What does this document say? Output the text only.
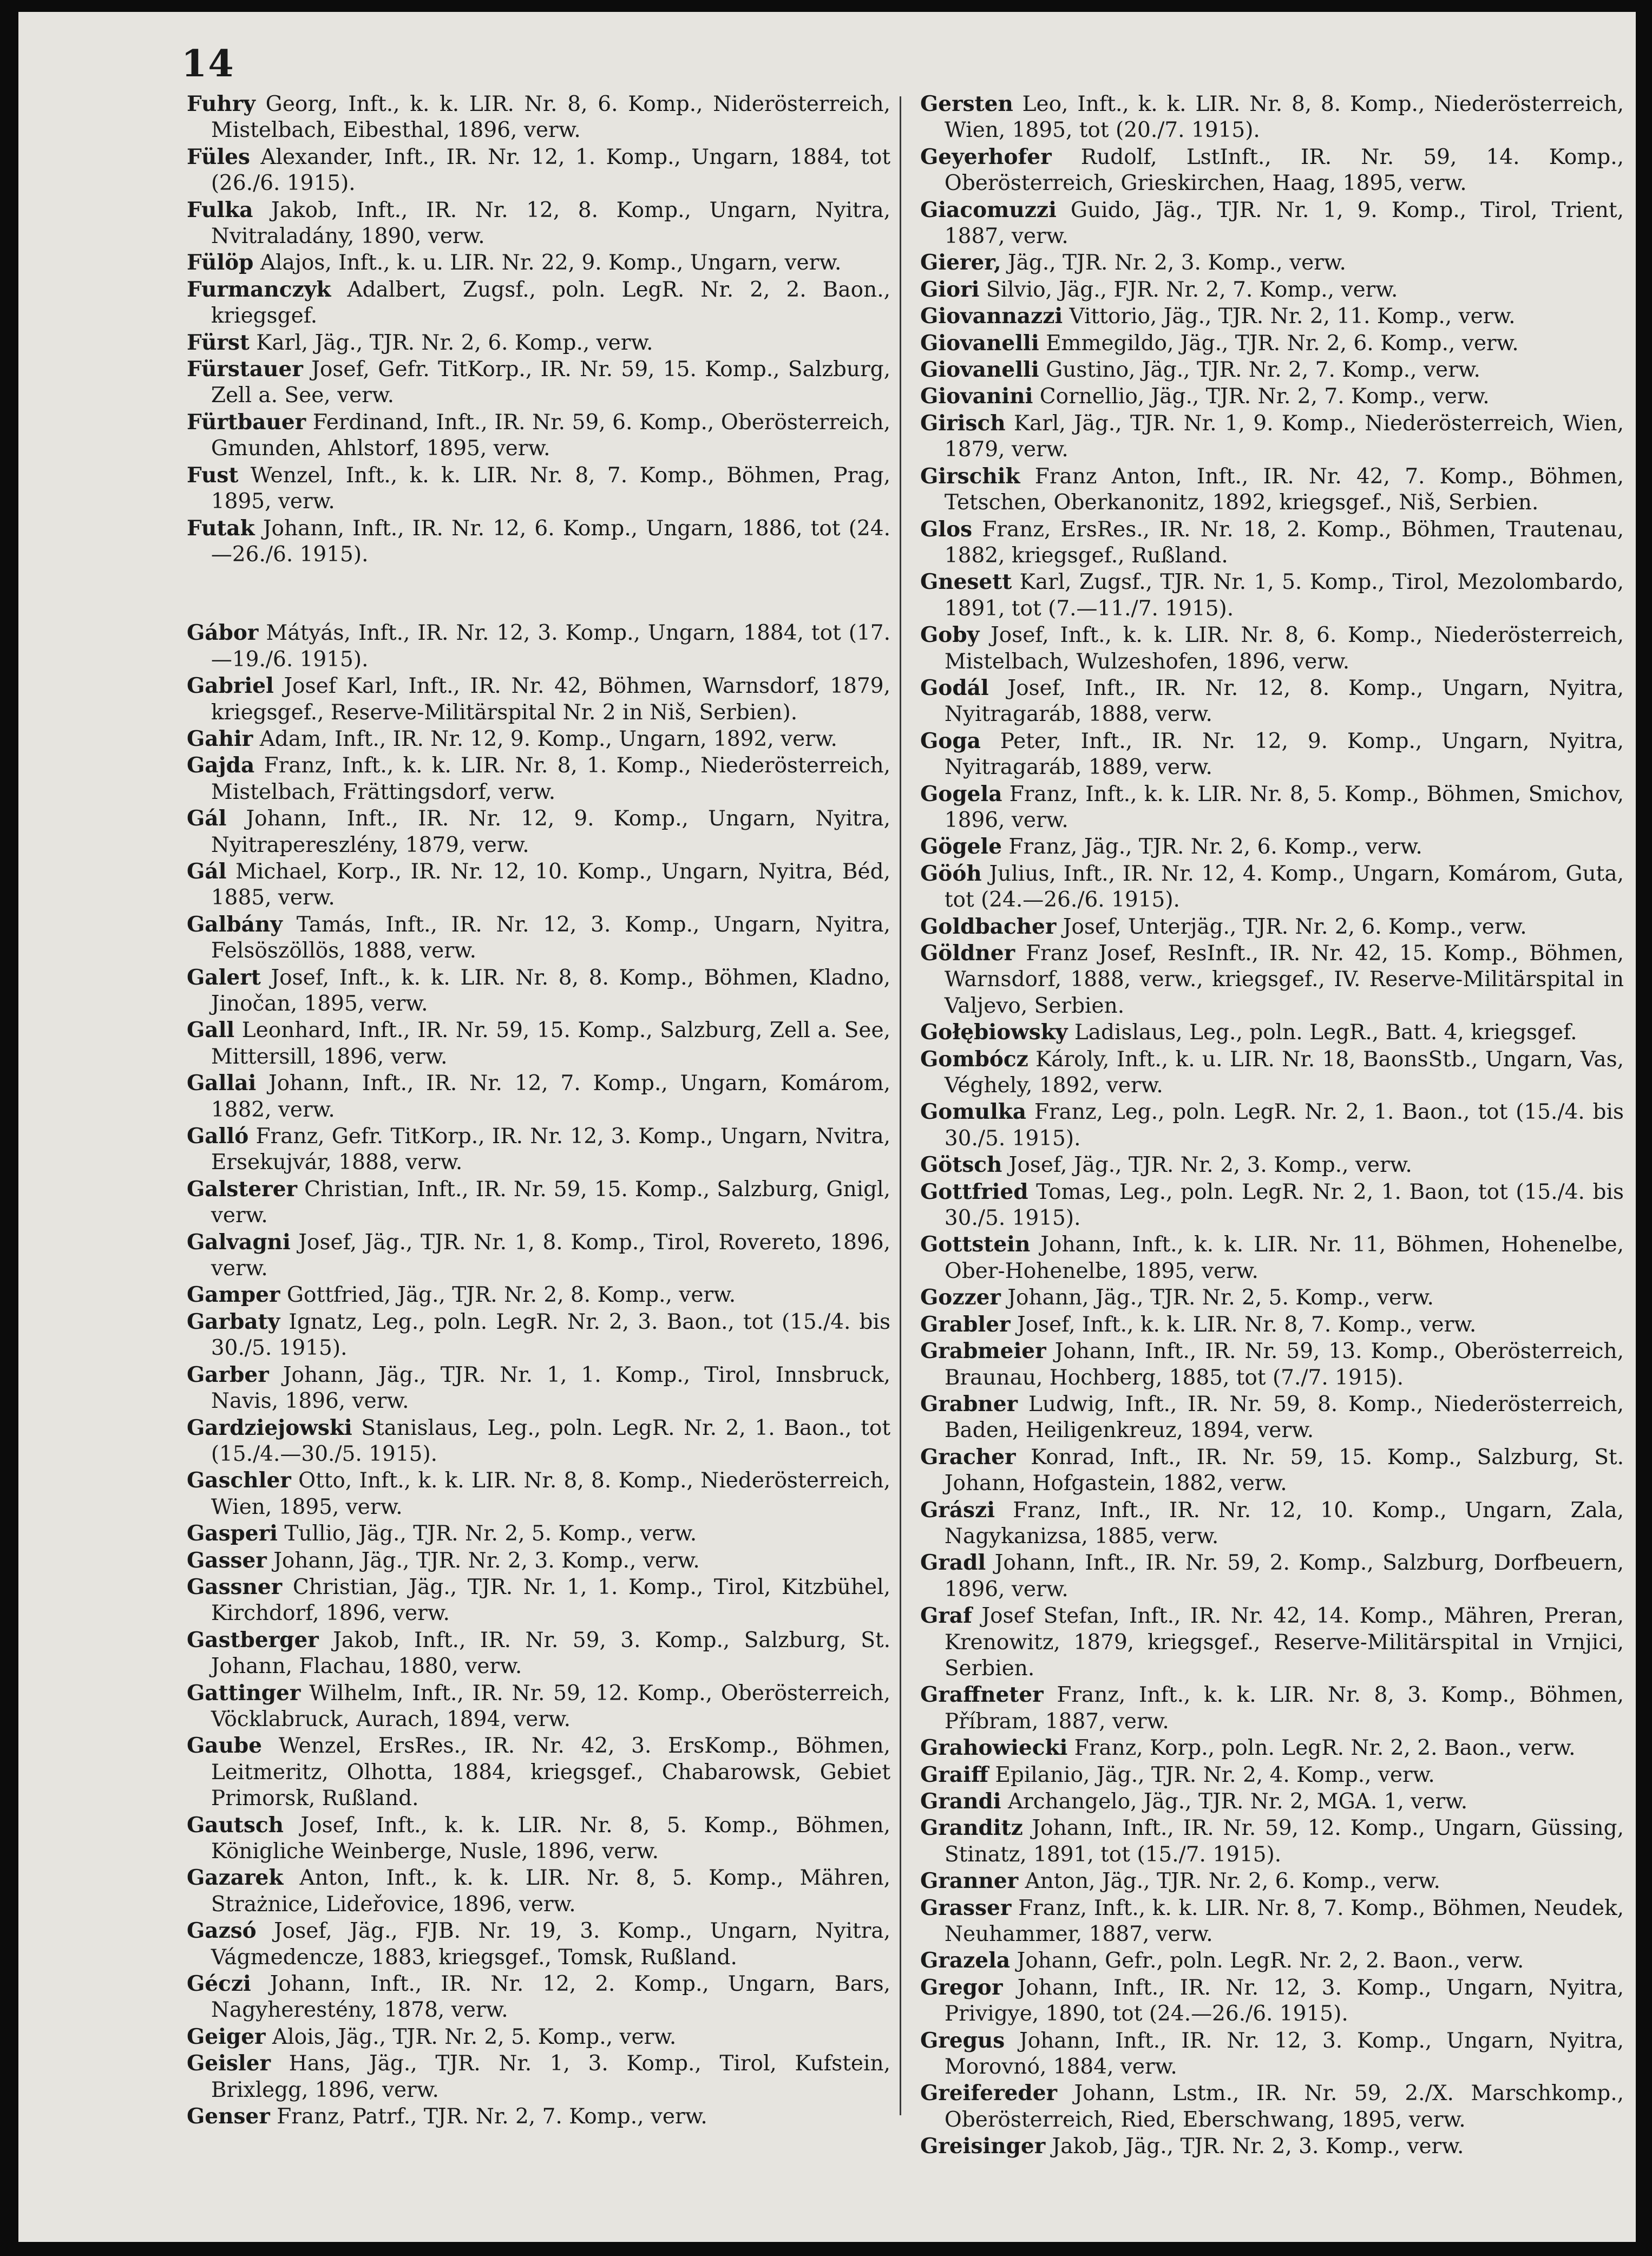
14

Fuhry Georg, Inft., k. k. LIR. Nr. 8, 6. Komp., Niderösterreich, Mistelbach, Eibesthal, 1896, verw.

Füles Alexander, Inft., IR. Nr. 12, 1. Komp., Ungarn, 1884, tot (26./6. 1915).

Fulka Jakob, Inft., IR. Nr. 12, 8. Komp., Ungarn, Nyitra, Nvitraladány, 1890, verw.

Fülöp Alajos, Inft., k. u. LIR. Nr. 22, 9. Komp., Ungarn, verw.

Furmanczyk Adalbert, Zugsf., poln. LegR. Nr. 2, 2. Baon., kriegsgef.

Fürst Karl, Jäg., TJR. Nr. 2, 6. Komp., verw.

Fürstauer Josef, Gefr. TitKorp., IR. Nr. 59, 15. Komp., Salzburg, Zell a. See, verw.

Fürtbauer Ferdinand, Inft., IR. Nr. 59, 6. Komp., Oberösterreich, Gmunden, Ahlstorf, 1895, verw.

Fust Wenzel, Inft., k. k. LIR. Nr. 8, 7. Komp., Böhmen, Prag, 1895, verw.

Futak Johann, Inft., IR. Nr. 12, 6. Komp., Ungarn, 1886, tot (24.—26./6. 1915).

Gábor Mátyás, Inft., IR. Nr. 12, 3. Komp., Ungarn, 1884, tot (17.—19./6. 1915).

Gabriel Josef Karl, Inft., IR. Nr. 42, Böhmen, Warnsdorf, 1879, kriegsgef., Reserve-Militärspital Nr. 2 in Niš, Serbien).

Gahir Adam, Inft., IR. Nr. 12, 9. Komp., Ungarn, 1892, verw.

Gajda Franz, Inft., k. k. LIR. Nr. 8, 1. Komp., Niederösterreich, Mistelbach, Frättingsdorf, verw.

Gál Johann, Inft., IR. Nr. 12, 9. Komp., Ungarn, Nyitra, Nyitrapereszlény, 1879, verw.

Gál Michael, Korp., IR. Nr. 12, 10. Komp., Ungarn, Nyitra, Béd, 1885, verw.

Galbány Tamás, Inft., IR. Nr. 12, 3. Komp., Ungarn, Nyitra, Felsöszöllös, 1888, verw.

Galert Josef, Inft., k. k. LIR. Nr. 8, 8. Komp., Böhmen, Kladno, Jinočan, 1895, verw.

Gall Leonhard, Inft., IR. Nr. 59, 15. Komp., Salzburg, Zell a. See, Mittersill, 1896, verw.

Gallai Johann, Inft., IR. Nr. 12, 7. Komp., Ungarn, Komárom, 1882, verw.

Galló Franz, Gefr. TitKorp., IR. Nr. 12, 3. Komp., Ungarn, Nvitra, Ersekujvár, 1888, verw.

Galsterer Christian, Inft., IR. Nr. 59, 15. Komp., Salzburg, Gnigl, verw.

Galvagni Josef, Jäg., TJR. Nr. 1, 8. Komp., Tirol, Rovereto, 1896, verw.

Gamper Gottfried, Jäg., TJR. Nr. 2, 8. Komp., verw.

Garbaty Ignatz, Leg., poln. LegR. Nr. 2, 3. Baon., tot (15./4. bis 30./5. 1915).

Garber Johann, Jäg., TJR. Nr. 1, 1. Komp., Tirol, Innsbruck, Navis, 1896, verw.

Gardziejowski Stanislaus, Leg., poln. LegR. Nr. 2, 1. Baon., tot (15./4.—30./5. 1915).

Gaschler Otto, Inft., k. k. LIR. Nr. 8, 8. Komp., Niederösterreich, Wien, 1895, verw.

Gasperi Tullio, Jäg., TJR. Nr. 2, 5. Komp., verw.

Gasser Johann, Jäg., TJR. Nr. 2, 3. Komp., verw.

Gassner Christian, Jäg., TJR. Nr. 1, 1. Komp., Tirol, Kitzbühel, Kirchdorf, 1896, verw.

Gastberger Jakob, Inft., IR. Nr. 59, 3. Komp., Salzburg, St. Johann, Flachau, 1880, verw.

Gattinger Wilhelm, Inft., IR. Nr. 59, 12. Komp., Oberösterreich, Vöcklabruck, Aurach, 1894, verw.

Gaube Wenzel, ErsRes., IR. Nr. 42, 3. ErsKomp., Böhmen, Leitmeritz, Olhotta, 1884, kriegsgef., Chabarowsk, Gebiet Primorsk, Rußland.

Gautsch Josef, Inft., k. k. LIR. Nr. 8, 5. Komp., Böhmen, Königliche Weinberge, Nusle, 1896, verw.

Gazarek Anton, Inft., k. k. LIR. Nr. 8, 5. Komp., Mähren, Strażnice, Lideřovice, 1896, verw.

Gazsó Josef, Jäg., FJB. Nr. 19, 3. Komp., Ungarn, Nyitra, Vágmedencze, 1883, kriegsgef., Tomsk, Rußland.

Géczi Johann, Inft., IR. Nr. 12, 2. Komp., Ungarn, Bars, Nagyherestény, 1878, verw.

Geiger Alois, Jäg., TJR. Nr. 2, 5. Komp., verw.

Geisler Hans, Jäg., TJR. Nr. 1, 3. Komp., Tirol, Kufstein, Brixlegg, 1896, verw.

Genser Franz, Patrf., TJR. Nr. 2, 7. Komp., verw.

Gersten Leo, Inft., k. k. LIR. Nr. 8, 8. Komp., Niederösterreich, Wien, 1895, tot (20./7. 1915).

Geyerhofer Rudolf, LstInft., IR. Nr. 59, 14. Komp., Oberösterreich, Grieskirchen, Haag, 1895, verw.

Giacomuzzi Guido, Jäg., TJR. Nr. 1, 9. Komp., Tirol, Trient, 1887, verw.

Gierer, Jäg., TJR. Nr. 2, 3. Komp., verw.

Giori Silvio, Jäg., FJR. Nr. 2, 7. Komp., verw.

Giovannazzi Vittorio, Jäg., TJR. Nr. 2, 11. Komp., verw.

Giovanelli Emmegildo, Jäg., TJR. Nr. 2, 6. Komp., verw.

Giovanelli Gustino, Jäg., TJR. Nr. 2, 7. Komp., verw.

Giovanini Cornellio, Jäg., TJR. Nr. 2, 7. Komp., verw.

Girisch Karl, Jäg., TJR. Nr. 1, 9. Komp., Niederösterreich, Wien, 1879, verw.

Girschik Franz Anton, Inft., IR. Nr. 42, 7. Komp., Böhmen, Tetschen, Oberkanonitz, 1892, kriegsgef., Niš, Serbien.

Glos Franz, ErsRes., IR. Nr. 18, 2. Komp., Böhmen, Trautenau, 1882, kriegsgef., Rußland.

Gnesett Karl, Zugsf., TJR. Nr. 1, 5. Komp., Tirol, Mezolombardo, 1891, tot (7.—11./7. 1915).

Goby Josef, Inft., k. k. LIR. Nr. 8, 6. Komp., Niederösterreich, Mistelbach, Wulzeshofen, 1896, verw.

Godál Josef, Inft., IR. Nr. 12, 8. Komp., Ungarn, Nyitra, Nyitragaráb, 1888, verw.

Goga Peter, Inft., IR. Nr. 12, 9. Komp., Ungarn, Nyitra, Nyitragaráb, 1889, verw.

Gogela Franz, Inft., k. k. LIR. Nr. 8, 5. Komp., Böhmen, Smichov, 1896, verw.

Gögele Franz, Jäg., TJR. Nr. 2, 6. Komp., verw.

Göóh Julius, Inft., IR. Nr. 12, 4. Komp., Ungarn, Komárom, Guta, tot (24.—26./6. 1915).

Goldbacher Josef, Unterjäg., TJR. Nr. 2, 6. Komp., verw.

Göldner Franz Josef, ResInft., IR. Nr. 42, 15. Komp., Böhmen, Warnsdorf, 1888, verw., kriegsgef., IV. Reserve-Militärspital in Valjevo, Serbien.

Gołębiowsky Ladislaus, Leg., poln. LegR., Batt. 4, kriegsgef.

Gombócz Károly, Inft., k. u. LIR. Nr. 18, BaonsStb., Ungarn, Vas, Véghely, 1892, verw.

Gomulka Franz, Leg., poln. LegR. Nr. 2, 1. Baon., tot (15./4. bis 30./5. 1915).

Götsch Josef, Jäg., TJR. Nr. 2, 3. Komp., verw.

Gottfried Tomas, Leg., poln. LegR. Nr. 2, 1. Baon, tot (15./4. bis 30./5. 1915).

Gottstein Johann, Inft., k. k. LIR. Nr. 11, Böhmen, Hohenelbe, Ober-Hohenelbe, 1895, verw.

Gozzer Johann, Jäg., TJR. Nr. 2, 5. Komp., verw.

Grabler Josef, Inft., k. k. LIR. Nr. 8, 7. Komp., verw.

Grabmeier Johann, Inft., IR. Nr. 59, 13. Komp., Oberösterreich, Braunau, Hochberg, 1885, tot (7./7. 1915).

Grabner Ludwig, Inft., IR. Nr. 59, 8. Komp., Niederösterreich, Baden, Heiligenkreuz, 1894, verw.

Gracher Konrad, Inft., IR. Nr. 59, 15. Komp., Salzburg, St. Johann, Hofgastein, 1882, verw.

Grászi Franz, Inft., IR. Nr. 12, 10. Komp., Ungarn, Zala, Nagykanizsa, 1885, verw.

Gradl Johann, Inft., IR. Nr. 59, 2. Komp., Salzburg, Dorfbeuern, 1896, verw.

Graf Josef Stefan, Inft., IR. Nr. 42, 14. Komp., Mähren, Preran, Krenowitz, 1879, kriegsgef., Reserve-Militärspital in Vrnjici, Serbien.

Graffneter Franz, Inft., k. k. LIR. Nr. 8, 3. Komp., Böhmen, Příbram, 1887, verw.

Grahowiecki Franz, Korp., poln. LegR. Nr. 2, 2. Baon., verw.

Graiff Epilanio, Jäg., TJR. Nr. 2, 4. Komp., verw.

Grandi Archangelo, Jäg., TJR. Nr. 2, MGA. 1, verw.

Granditz Johann, Inft., IR. Nr. 59, 12. Komp., Ungarn, Güssing, Stinatz, 1891, tot (15./7. 1915).

Granner Anton, Jäg., TJR. Nr. 2, 6. Komp., verw.

Grasser Franz, Inft., k. k. LIR. Nr. 8, 7. Komp., Böhmen, Neudek, Neuhammer, 1887, verw.

Grazela Johann, Gefr., poln. LegR. Nr. 2, 2. Baon., verw.

Gregor Johann, Inft., IR. Nr. 12, 3. Komp., Ungarn, Nyitra, Privigye, 1890, tot (24.—26./6. 1915).

Gregus Johann, Inft., IR. Nr. 12, 3. Komp., Ungarn, Nyitra, Morovnó, 1884, verw.

Greifereder Johann, Lstm., IR. Nr. 59, 2./X. Marschkomp., Oberösterreich, Ried, Eberschwang, 1895, verw.

Greisinger Jakob, Jäg., TJR. Nr. 2, 3. Komp., verw.
